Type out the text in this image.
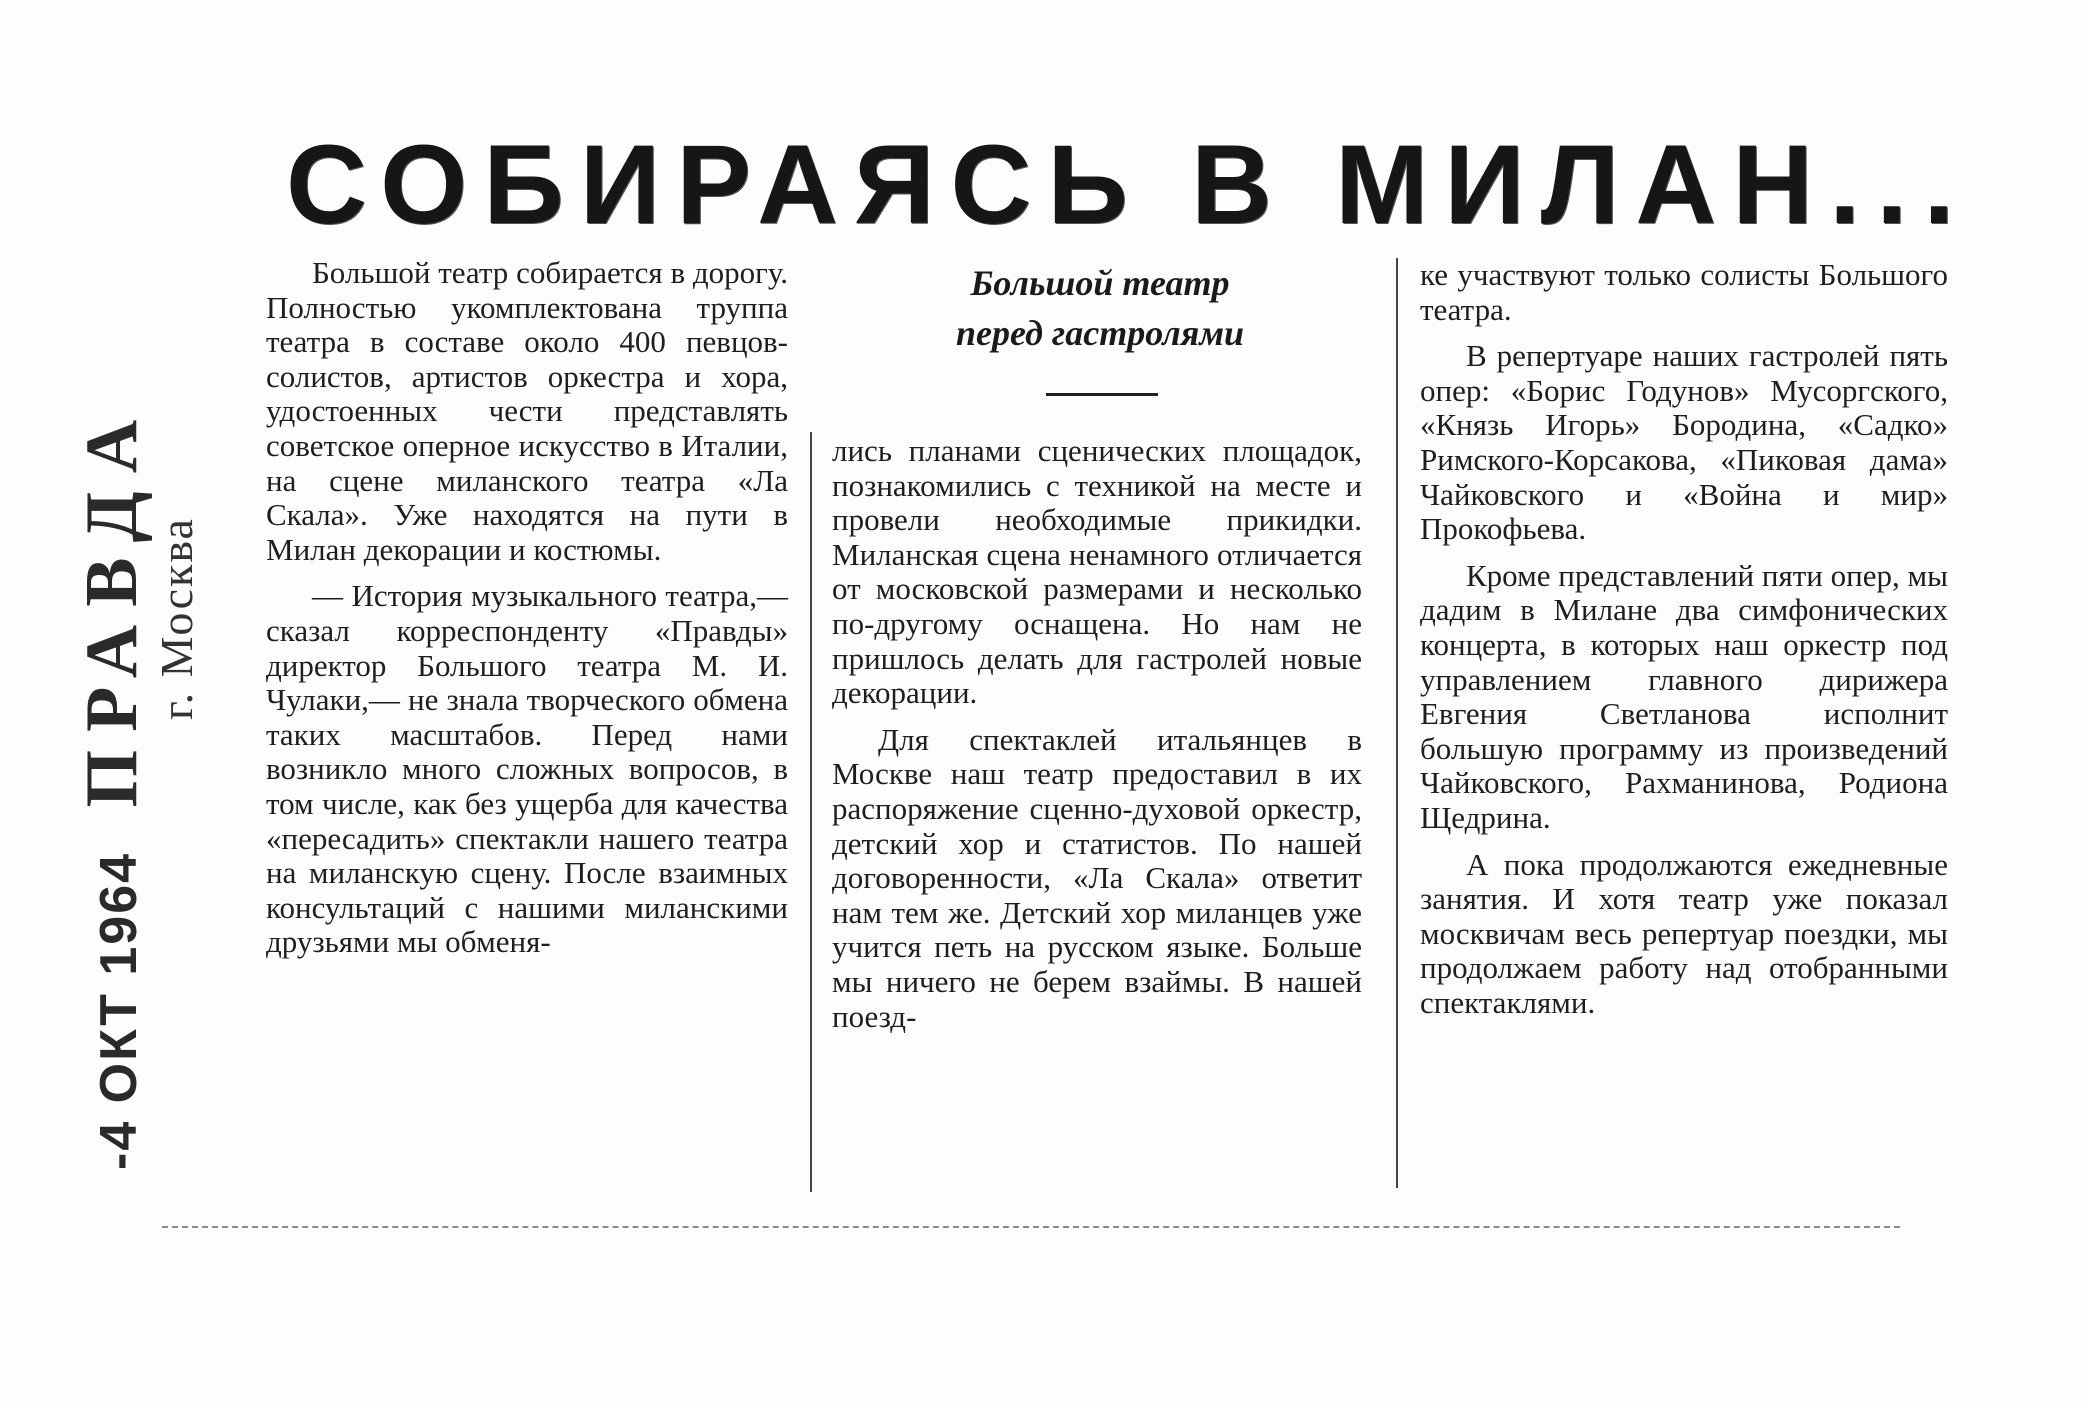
-4 ОКТ 1964 ПРАВДА
г. Москва
СОБИРАЯСЬ В МИЛАН...

Большой театр собирается в дорогу. Полностью укомплектована труппа театра в составе около 400 певцов-солистов, артистов оркестра и хора, удостоенных чести представлять советское оперное искусство в Италии, на сцене миланского театра «Ла Скала». Уже находятся на пути в Милан декорации и костюмы.

— История музыкального театра,— сказал корреспонденту «Правды» директор Большого театра М. И. Чулаки,— не знала творческого обмена таких масштабов. Перед нами возникло много сложных вопросов, в том числе, как без ущерба для качества «пересадить» спектакли нашего театра на миланскую сцену. После взаимных консультаций с нашими миланскими друзьями мы обменя-

Большой театр
перед гастролями

лись планами сценических площадок, познакомились с техникой на месте и провели необходимые прикидки. Миланская сцена ненамного отличается от московской размерами и несколько по-другому оснащена. Но нам не пришлось делать для гастролей новые декорации.

Для спектаклей итальянцев в Москве наш театр предоставил в их распоряжение сценно-духовой оркестр, детский хор и статистов. По нашей договоренности, «Ла Скала» ответит нам тем же. Детский хор миланцев уже учится петь на русском языке. Больше мы ничего не берем взаймы. В нашей поезд-

ке участвуют только солисты Большого театра.

В репертуаре наших гастролей пять опер: «Борис Годунов» Мусоргского, «Князь Игорь» Бородина, «Садко» Римского-Корсакова, «Пиковая дама» Чайковского и «Война и мир» Прокофьева.

Кроме представлений пяти опер, мы дадим в Милане два симфонических концерта, в которых наш оркестр под управлением главного дирижера Евгения Светланова исполнит большую программу из произведений Чайковского, Рахманинова, Родиона Щедрина.

А пока продолжаются ежедневные занятия. И хотя театр уже показал москвичам весь репертуар поездки, мы продолжаем работу над отобранными спектаклями.
